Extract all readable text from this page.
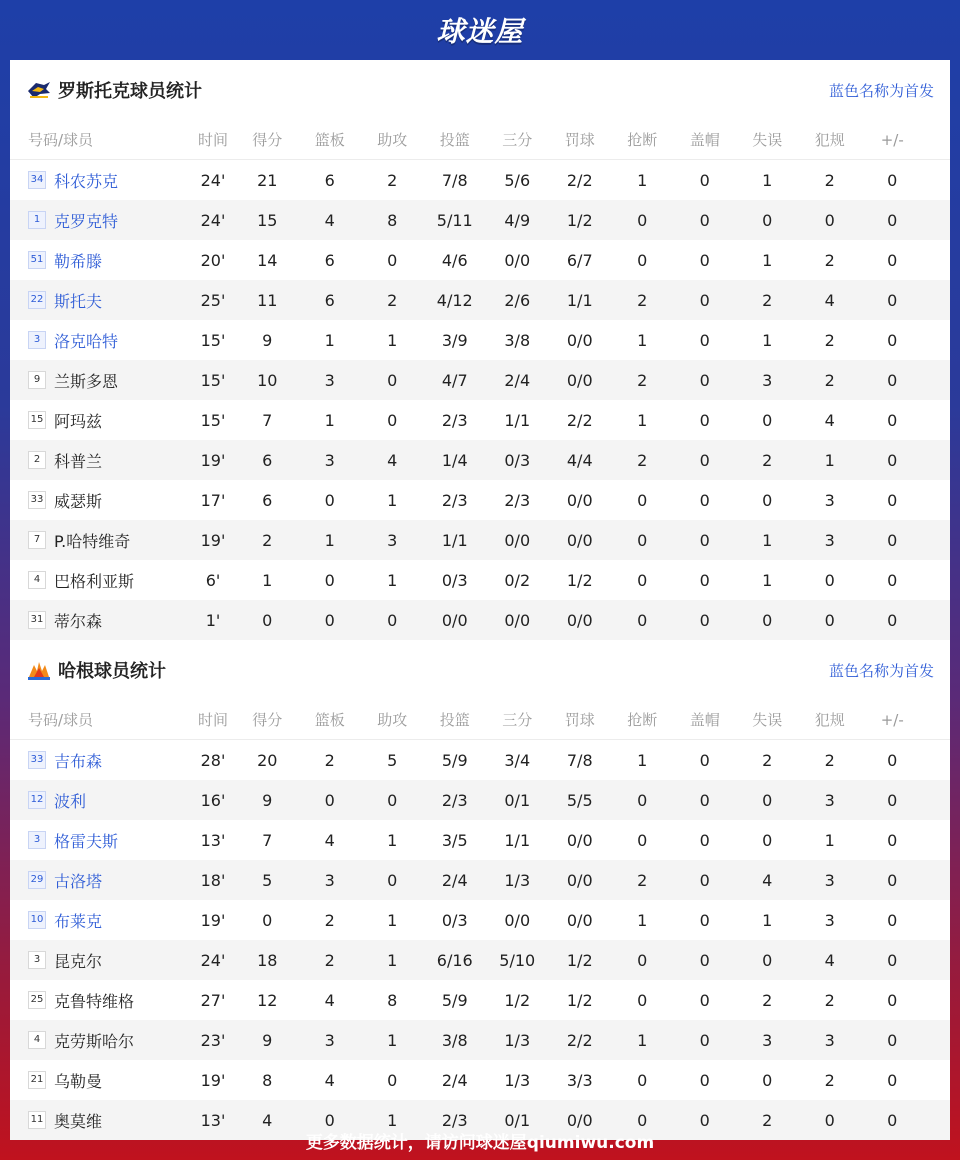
球迷屋
罗斯托克球员统计	蓝色名称为首发
号码/球员	时间	得分	篮板	助攻	投篮	三分	罚球	抢断	盖帽	失误	犯规	+/-
34 科农苏克	24'	21	6	2	7/8	5/6	2/2	1	0	1	2	0
1 克罗克特	24'	15	4	8	5/11	4/9	1/2	0	0	0	0	0
51 勒希滕	20'	14	6	0	4/6	0/0	6/7	0	0	1	2	0
22 斯托夫	25'	11	6	2	4/12	2/6	1/1	2	0	2	4	0
3 洛克哈特	15'	9	1	1	3/9	3/8	0/0	1	0	1	2	0
9 兰斯多恩	15'	10	3	0	4/7	2/4	0/0	2	0	3	2	0
15 阿玛兹	15'	7	1	0	2/3	1/1	2/2	1	0	0	4	0
2 科普兰	19'	6	3	4	1/4	0/3	4/4	2	0	2	1	0
33 威瑟斯	17'	6	0	1	2/3	2/3	0/0	0	0	0	3	0
7 P.哈特维奇	19'	2	1	3	1/1	0/0	0/0	0	0	1	3	0
4 巴格利亚斯	6'	1	0	1	0/3	0/2	1/2	0	0	1	0	0
31 蒂尔森	1'	0	0	0	0/0	0/0	0/0	0	0	0	0	0
哈根球员统计	蓝色名称为首发
号码/球员	时间	得分	篮板	助攻	投篮	三分	罚球	抢断	盖帽	失误	犯规	+/-
33 吉布森	28'	20	2	5	5/9	3/4	7/8	1	0	2	2	0
12 波利	16'	9	0	0	2/3	0/1	5/5	0	0	0	3	0
3 格雷夫斯	13'	7	4	1	3/5	1/1	0/0	0	0	0	1	0
29 古洛塔	18'	5	3	0	2/4	1/3	0/0	2	0	4	3	0
10 布莱克	19'	0	2	1	0/3	0/0	0/0	1	0	1	3	0
3 昆克尔	24'	18	2	1	6/16	5/10	1/2	0	0	0	4	0
25 克鲁特维格	27'	12	4	8	5/9	1/2	1/2	0	0	2	2	0
4 克劳斯哈尔	23'	9	3	1	3/8	1/3	2/2	1	0	3	3	0
21 乌勒曼	19'	8	4	0	2/4	1/3	3/3	0	0	0	2	0
11 奥莫维	13'	4	0	1	2/3	0/1	0/0	0	0	2	0	0
更多数据统计，请访问球迷屋qiumiwu.com
